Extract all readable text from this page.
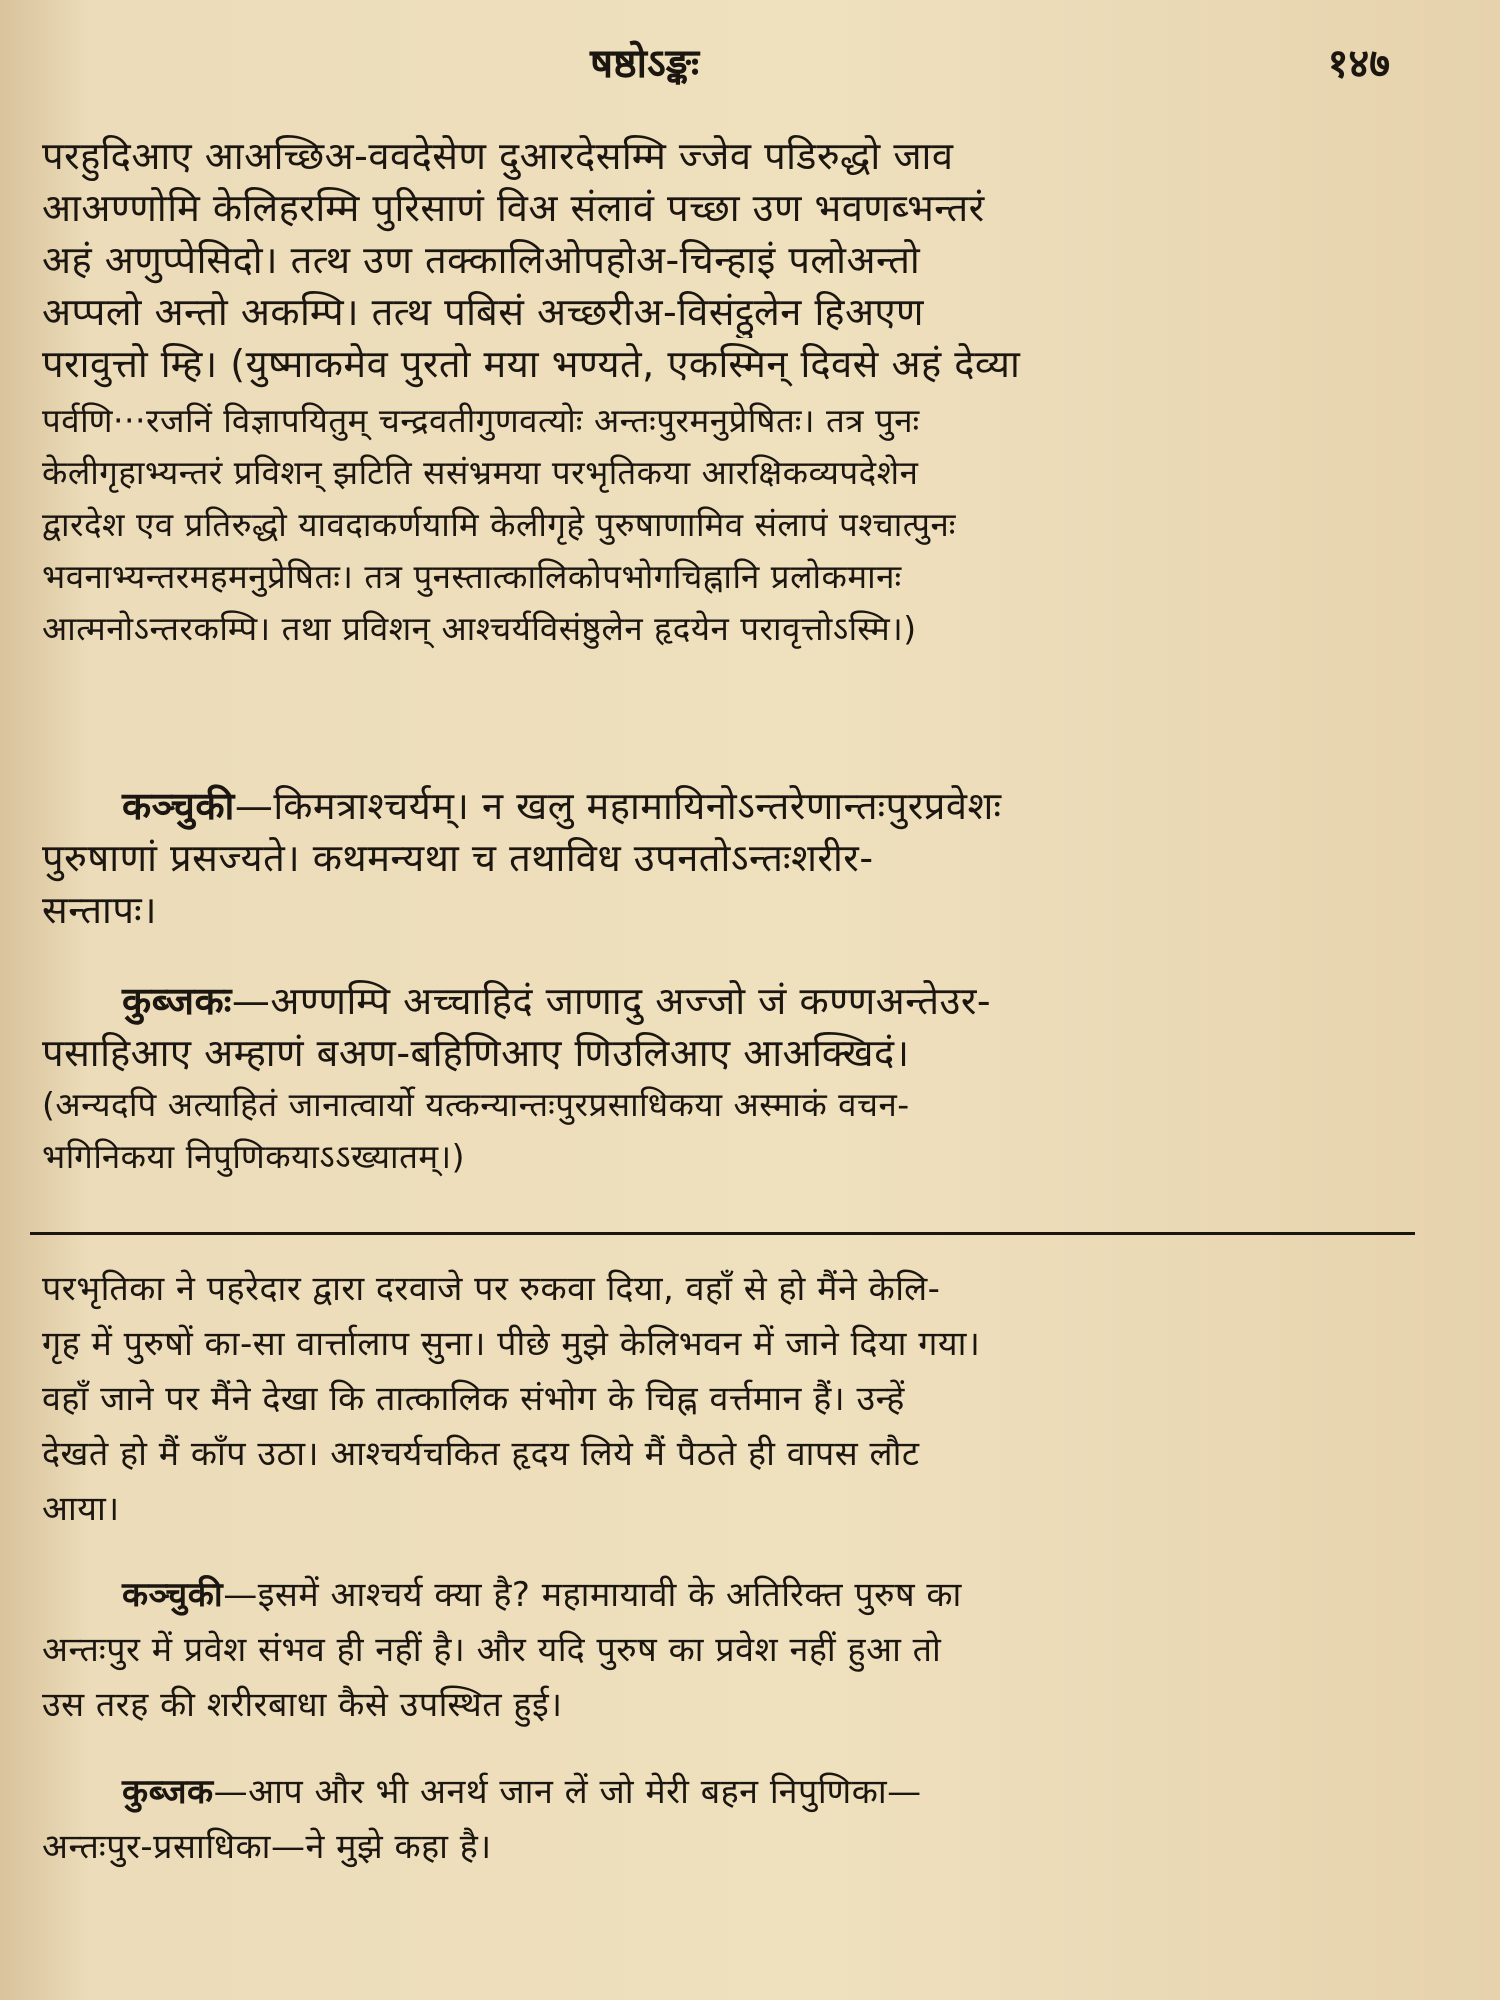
षष्ठोऽङ्कः	१४७
परहुदिआए आअच्छिअ-ववदेसेण दुआरदेसम्मि ज्जेव पडिरुद्धो जाव
आअण्णोमि केलिहरम्मि पुरिसाणं विअ संलावं पच्छा उण भवणब्भन्तरं
अहं अणुप्पेसिदो। तत्थ उण तक्कालिओपहोअ-चिन्हाइं पलोअन्तो
अप्पलो अन्तो अकम्पि। तत्थ पबिसं अच्छरीअ-विसंट्ठुलेन हिअएण
परावुत्तो म्हि। (युष्माकमेव पुरतो मया भण्यते, एकस्मिन् दिवसे अहं देव्या
पर्वणि···रजनिं विज्ञापयितुम् चन्द्रवतीगुणवत्योः अन्तःपुरमनुप्रेषितः। तत्र पुनः
केलीगृहाभ्यन्तरं प्रविशन् झटिति ससंभ्रमया परभृतिकया आरक्षिकव्यपदेशेन
द्वारदेश एव प्रतिरुद्धो यावदाकर्णयामि केलीगृहे पुरुषाणामिव संलापं पश्चात्पुनः
भवनाभ्यन्तरमहमनुप्रेषितः। तत्र पुनस्तात्कालिकोपभोगचिह्नानि प्रलोकमानः
आत्मनोऽन्तरकम्पि। तथा प्रविशन् आश्चर्यविसंष्ठुलेन हृदयेन परावृत्तोऽस्मि।)
कञ्चुकी—किमत्राश्चर्यम्। न खलु महामायिनोऽन्तरेणान्तःपुरप्रवेशः
पुरुषाणां प्रसज्यते। कथमन्यथा च तथाविध उपनतोऽन्तःशरीर-
सन्तापः।
कुब्जकः—अण्णम्पि अच्चाहिदं जाणादु अज्जो जं कण्णअन्तेउर-
पसाहिआए अम्हाणं बअण-बहिणिआए णिउलिआए आअक्खिदं।
(अन्यदपि अत्याहितं जानात्वार्यो यत्कन्यान्तःपुरप्रसाधिकया अस्माकं वचन-
भगिनिकया निपुणिकयाऽऽख्यातम्।)
परभृतिका ने पहरेदार द्वारा दरवाजे पर रुकवा दिया, वहाँ से हो मैंने केलि-
गृह में पुरुषों का-सा वार्त्तालाप सुना। पीछे मुझे केलिभवन में जाने दिया गया।
वहाँ जाने पर मैंने देखा कि तात्कालिक संभोग के चिह्न वर्त्तमान हैं। उन्हें
देखते हो मैं काँप उठा। आश्चर्यचकित हृदय लिये मैं पैठते ही वापस लौट
आया।
कञ्चुकी—इसमें आश्चर्य क्या है? महामायावी के अतिरिक्त पुरुष का
अन्तःपुर में प्रवेश संभव ही नहीं है। और यदि पुरुष का प्रवेश नहीं हुआ तो
उस तरह की शरीरबाधा कैसे उपस्थित हुई।
कुब्जक—आप और भी अनर्थ जान लें जो मेरी बहन निपुणिका—
अन्तःपुर-प्रसाधिका—ने मुझे कहा है।
